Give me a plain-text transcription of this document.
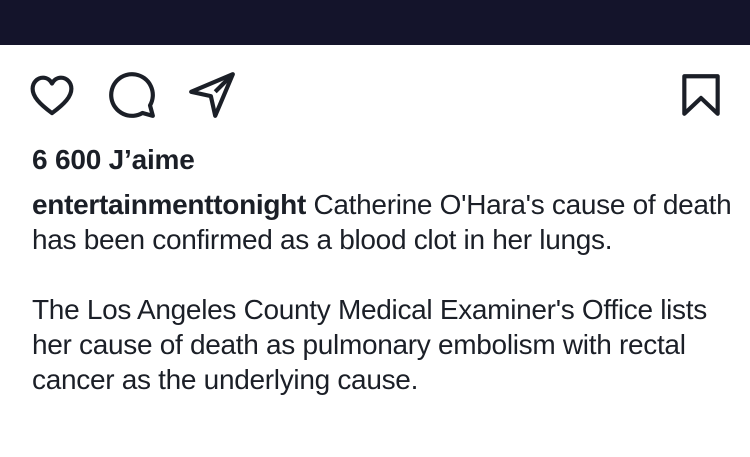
6 600 J’aime
entertainmenttonight Catherine O'Hara's cause of death has been confirmed as a blood clot in her lungs.
The Los Angeles County Medical Examiner's Office lists her cause of death as pulmonary embolism with rectal cancer as the underlying cause.
